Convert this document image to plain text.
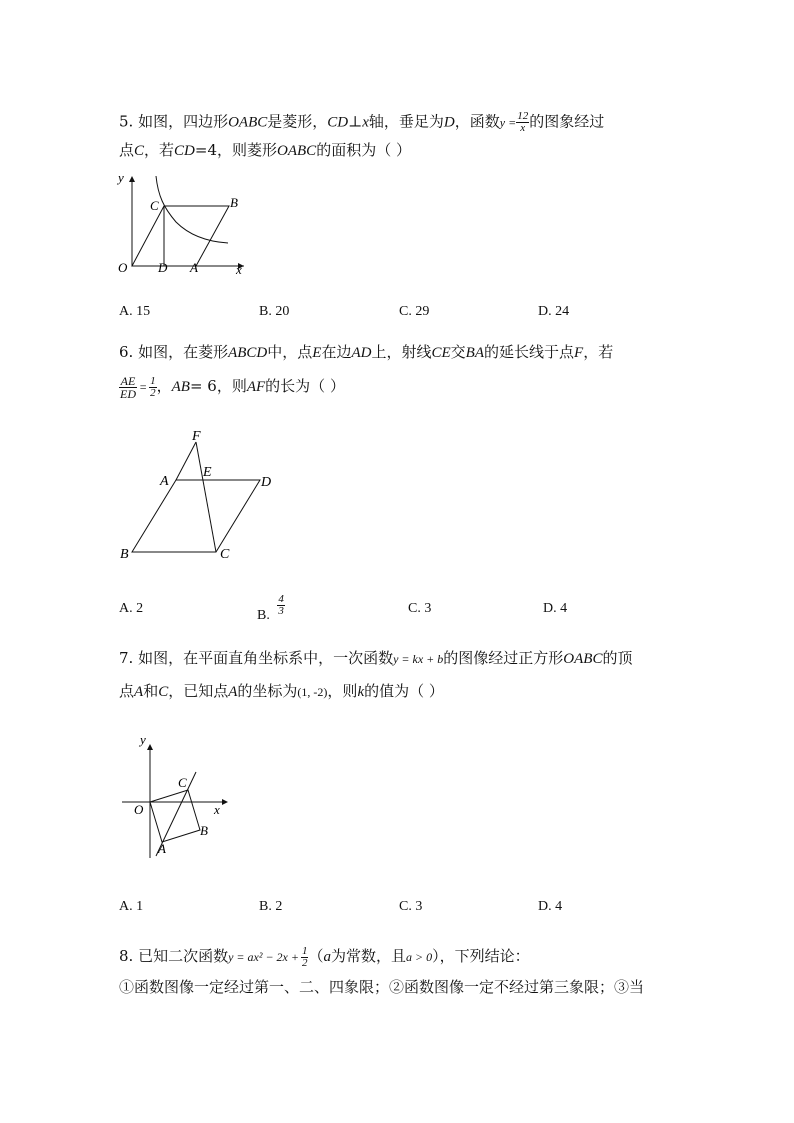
5. 如图，四边形OABC是菱形，CD⊥x轴，垂足为D，函数$y = \frac{12}{x}$ 的图象经过
点C，若CD=4，则菱形OABC的面积为（ ）
y
x
O
C	B
D A
A. 15	B. 20	C. 29	D. 24
6. 如图，在菱形ABCD中，点E在边AD上，射线CE交BA的延长线于点F，若
$\frac{AE}{ED} = \frac{1}{2}$ ，AB= 6，则AF的长为（ ）
F
A
E
D
B	C
A. 2	B. $\frac{4}{3}$	C. 3	D. 4
7. 如图，在平面直角坐标系中，一次函数y = kx + b的图像经过正方形OABC的顶
点A和C，已知点A的坐标为(1, -2)，则k的值为（ ）
y
x
O
C
B
A
A. 1	B. 2	C. 3	D. 4
8. 已知二次函数$y = ax^2 - 2x + \frac{1}{2} (a$为常数，且a > 0），下列结论：
①函数图像一定经过第一、二、四象限；②函数图像一定不经过第三象限；③当
